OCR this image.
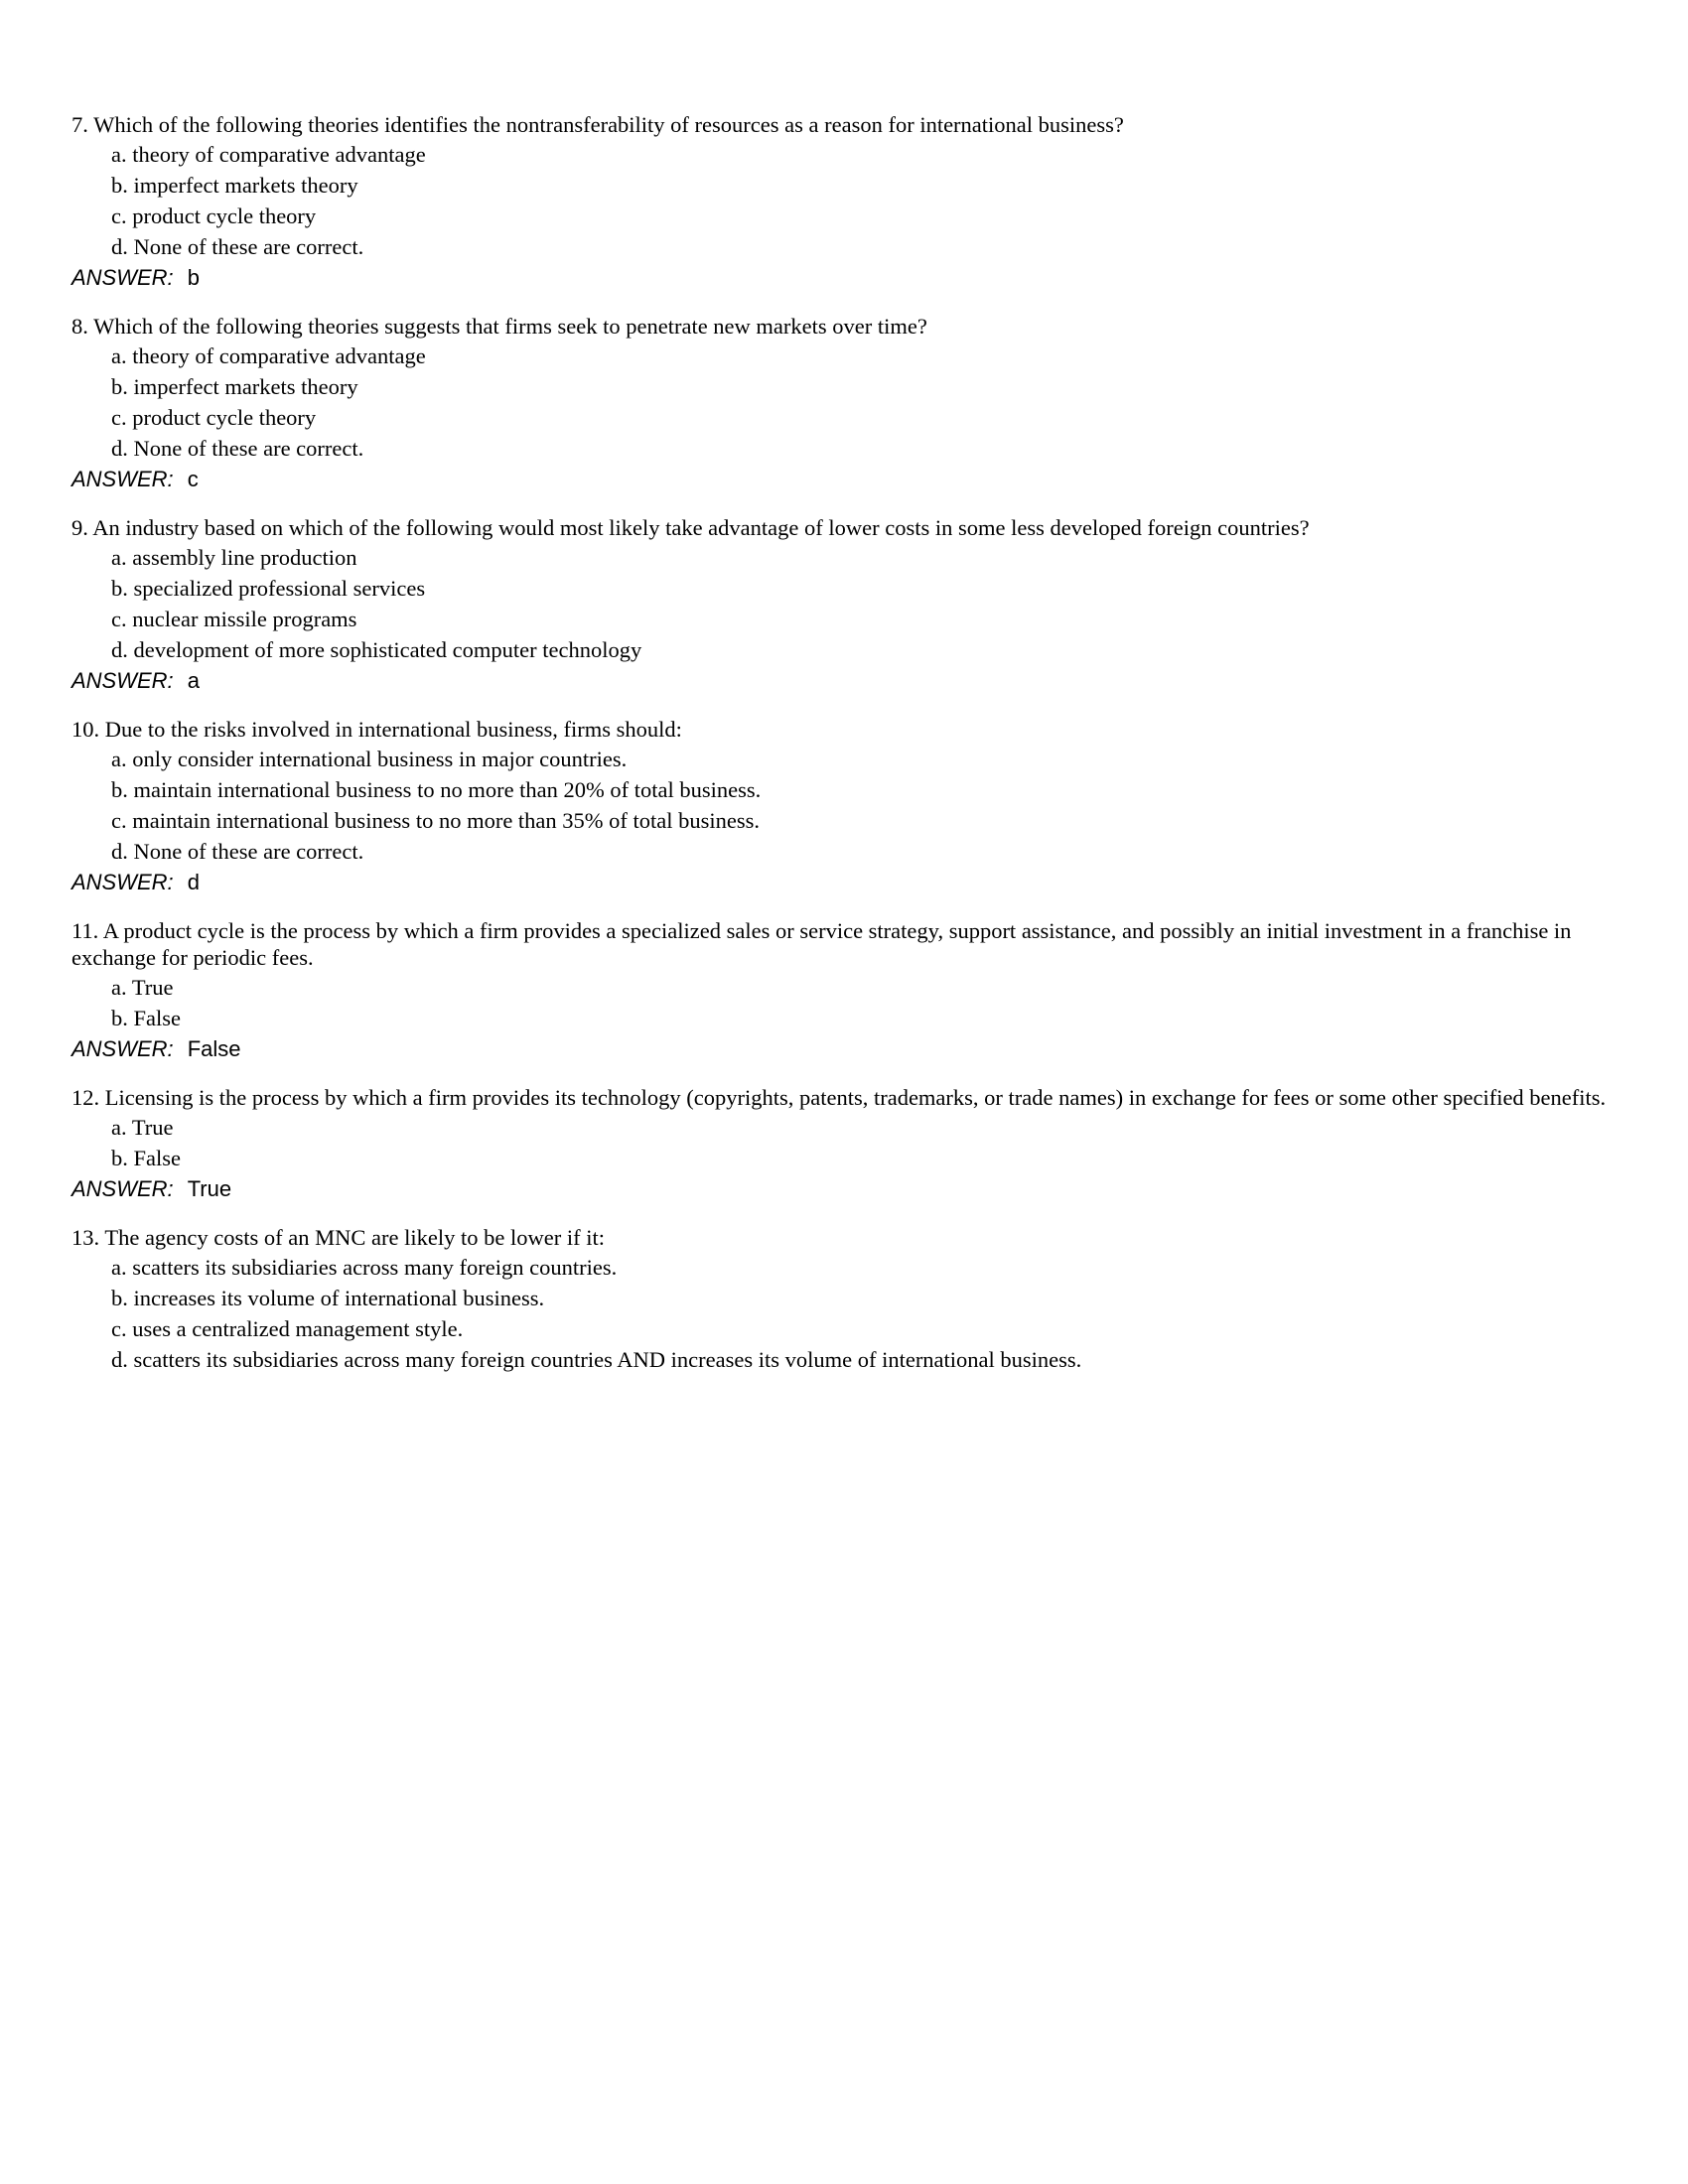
7. Which of the following theories identifies the nontransferability of resources as a reason for international business?

a. theory of comparative advantage
b. imperfect markets theory
c. product cycle theory
d. None of these are correct.

ANSWER: b

8. Which of the following theories suggests that firms seek to penetrate new markets over time?

a. theory of comparative advantage
b. imperfect markets theory
c. product cycle theory
d. None of these are correct.

ANSWER: c

9. An industry based on which of the following would most likely take advantage of lower costs in some less developed foreign countries?

a. assembly line production
b. specialized professional services
c. nuclear missile programs
d. development of more sophisticated computer technology

ANSWER: a

10. Due to the risks involved in international business, firms should:

a. only consider international business in major countries.
b. maintain international business to no more than 20% of total business.
c. maintain international business to no more than 35% of total business.
d. None of these are correct.

ANSWER: d

11. A product cycle is the process by which a firm provides a specialized sales or service strategy, support assistance, and possibly an initial investment in a franchise in exchange for periodic fees.

a. True
b. False

ANSWER: False

12. Licensing is the process by which a firm provides its technology (copyrights, patents, trademarks, or trade names) in exchange for fees or some other specified benefits.

a. True
b. False

ANSWER: True

13. The agency costs of an MNC are likely to be lower if it:

a. scatters its subsidiaries across many foreign countries.
b. increases its volume of international business.
c. uses a centralized management style.
d. scatters its subsidiaries across many foreign countries AND increases its volume of international business.
